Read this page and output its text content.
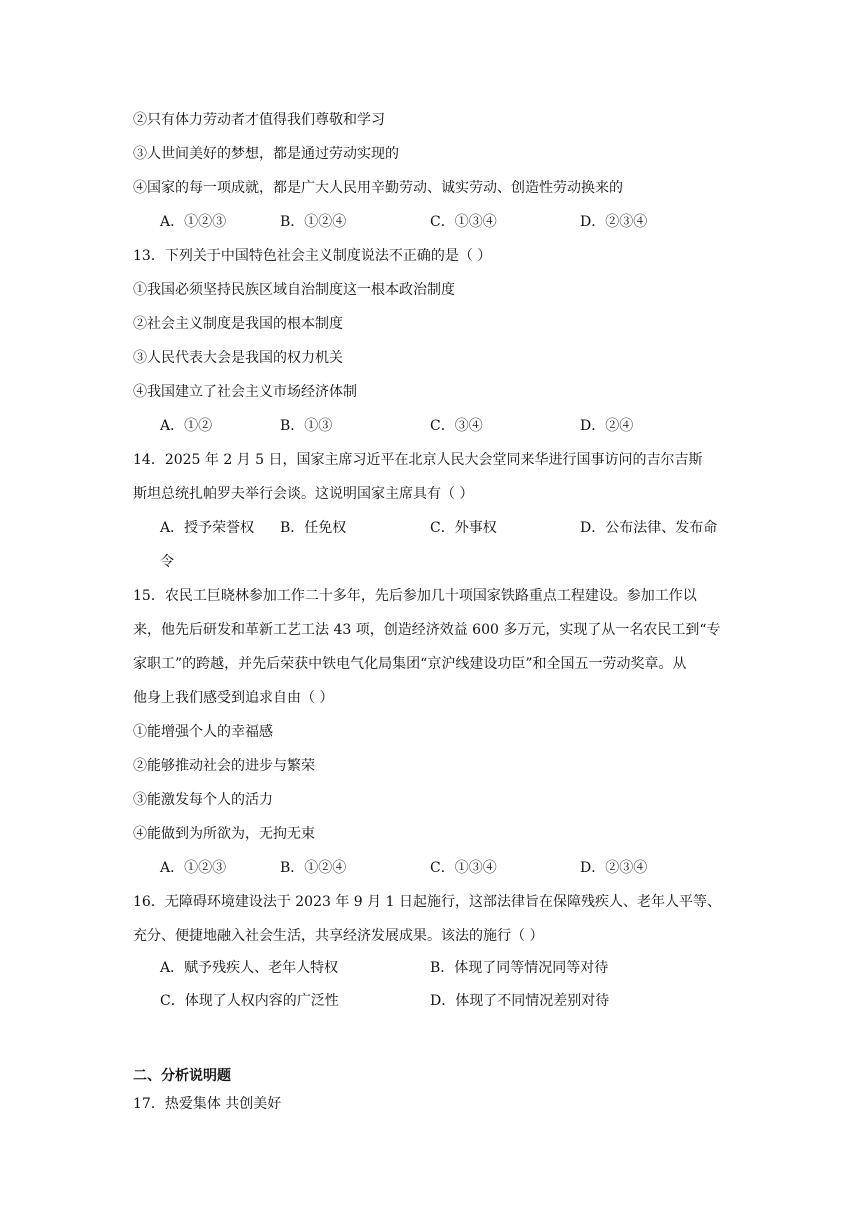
②只有体力劳动者才值得我们尊敬和学习
③人世间美好的梦想，都是通过劳动实现的
④国家的每一项成就，都是广大人民用辛勤劳动、诚实劳动、创造性劳动换来的
A．①②③	B．①②④	C．①③④	D．②③④
13．下列关于中国特色社会主义制度说法不正确的是（ ）
①我国必须坚持民族区域自治制度这一根本政治制度
②社会主义制度是我国的根本制度
③人民代表大会是我国的权力机关
④我国建立了社会主义市场经济体制
A．①②	B．①③	C．③④	D．②④
14．2025 年 2 月 5 日，国家主席习近平在北京人民大会堂同来华进行国事访问的吉尔吉斯
斯坦总统扎帕罗夫举行会谈。这说明国家主席具有（ ）
A．授予荣誉权 B．任免权	C．外事权	D．公布法律、发布命
令
15．农民工巨晓林参加工作二十多年，先后参加几十项国家铁路重点工程建设。参加工作以
来，他先后研发和革新工艺工法 43 项，创造经济效益 600 多万元，实现了从一名农民工到“专
家职工”的跨越，并先后荣获中铁电气化局集团“京沪线建设功臣”和全国五一劳动奖章。从
他身上我们感受到追求自由（ ）
①能增强个人的幸福感
②能够推动社会的进步与繁荣
③能激发每个人的活力
④能做到为所欲为，无拘无束
A．①②③	B．①②④	C．①③④	D．②③④
16．无障碍环境建设法于 2023 年 9 月 1 日起施行，这部法律旨在保障残疾人、老年人平等、
充分、便捷地融入社会生活，共享经济发展成果。该法的施行（ ）
A．赋予残疾人、老年人特权	B．体现了同等情况同等对待
C．体现了人权内容的广泛性	D．体现了不同情况差别对待
二、分析说明题
17．热爱集体 共创美好
